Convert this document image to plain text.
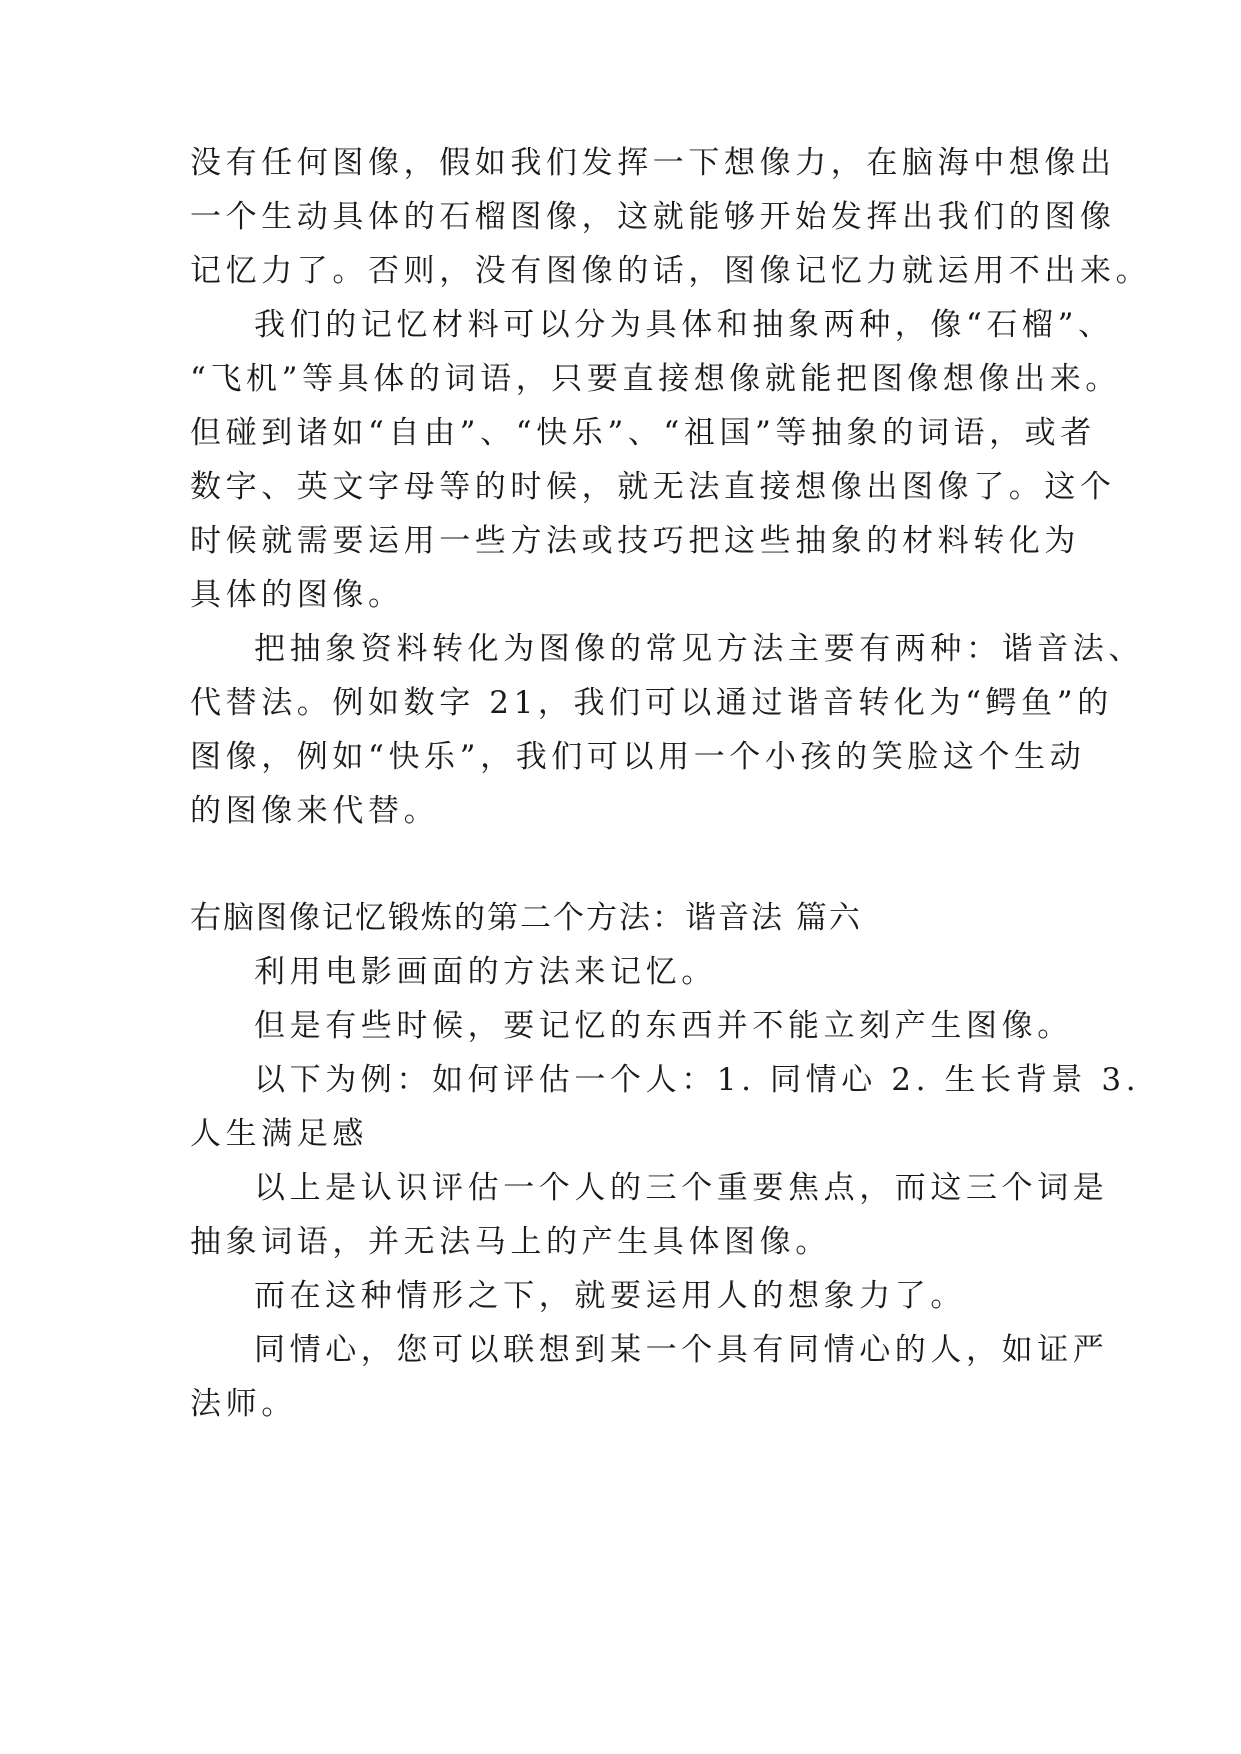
没有任何图像，假如我们发挥一下想像力，在脑海中想像出
一个生动具体的石榴图像，这就能够开始发挥出我们的图像
记忆力了。否则，没有图像的话，图像记忆力就运用不出来。
我们的记忆材料可以分为具体和抽象两种，像“石榴”、
“飞机”等具体的词语，只要直接想像就能把图像想像出来。
但碰到诸如“自由”、“快乐”、“祖国”等抽象的词语，或者
数字、英文字母等的时候，就无法直接想像出图像了。这个
时候就需要运用一些方法或技巧把这些抽象的材料转化为
具体的图像。
把抽象资料转化为图像的常见方法主要有两种：谐音法、
代替法。例如数字 21，我们可以通过谐音转化为“鳄鱼”的
图像，例如“快乐”，我们可以用一个小孩的笑脸这个生动
的图像来代替。
右脑图像记忆锻炼的第二个方法：谐音法 篇六
利用电影画面的方法来记忆。
但是有些时候，要记忆的东西并不能立刻产生图像。
以下为例：如何评估一个人：1. 同情心 2. 生长背景 3.
人生满足感
以上是认识评估一个人的三个重要焦点，而这三个词是
抽象词语，并无法马上的产生具体图像。
而在这种情形之下，就要运用人的想象力了。
同情心，您可以联想到某一个具有同情心的人，如证严
法师。
